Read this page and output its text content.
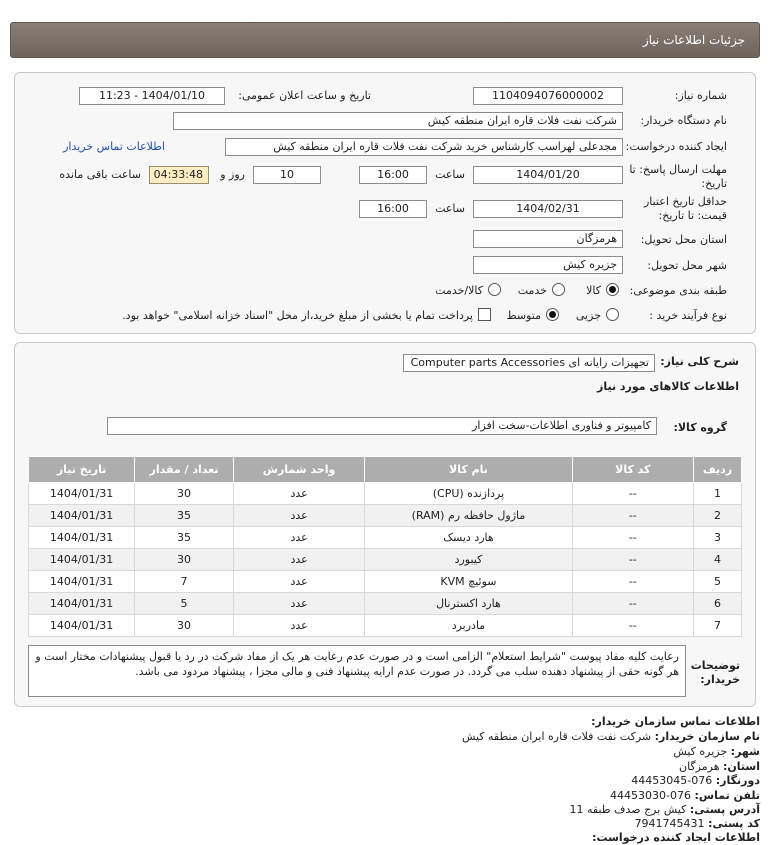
جزئیات اطلاعات نیاز
شماره نیاز:
1104094076000002
تاریخ و ساعت اعلان عمومی:
1404/01/10 - 11:23
نام دستگاه خریدار:
شرکت نفت فلات قاره ایران منطقه کیش
ایجاد کننده درخواست:
مجدعلی لهراسب کارشناس خرید شرکت نفت فلات قاره ایران منطقه کیش
اطلاعات تماس خریدار
مهلت ارسال پاسخ: تا
تاریخ:
1404/01/20
ساعت
16:00
10
روز و
04:33:48
ساعت باقی مانده
حداقل تاریخ اعتبار
قیمت: تا تاریخ:
1404/02/31
ساعت
16:00
استان محل تحویل:
هرمزگان
شهر محل تحویل:
جزیره کیش
طبقه بندی موضوعی:
کالا
خدمت
کالا/خدمت
نوع فرآیند خرید :
جزیی
متوسط
پرداخت تمام یا بخشی از مبلغ خرید،از محل "اسناد خزانه اسلامی" خواهد بود.
شرح کلی نیاز:
تجهیزات رایانه ای Computer parts Accessories
اطلاعات کالاهای مورد نیاز
گروه کالا:
کامپیوتر و فناوری اطلاعات-سخت افزار
ردیف	کد کالا	نام کالا	واحد شمارش	تعداد / مقدار	تاریخ نیاز
1	--	پردازنده (CPU)	عدد	30	1404/01/31
2	--	ماژول حافظه رم (RAM)	عدد	35	1404/01/31
3	--	هارد دیسک	عدد	35	1404/01/31
4	--	کیبورد	عدد	30	1404/01/31
5	--	سوئیچ KVM	عدد	7	1404/01/31
6	--	هارد اکسترنال	عدد	5	1404/01/31
7	--	مادربرد	عدد	30	1404/01/31
توضیحات
خریدار:
رعایت کلیه مفاد پیوست "شرایط استعلام" الزامی است و در صورت عدم رعایت هر یک از مفاد شرکت در رد یا قبول پیشنهادات مختار است و هر گونه حقی از پیشنهاد دهنده سلب می گردد. در صورت عدم ارایه پیشنهاد فنی و مالی مجزا ، پیشنهاد مردود می باشد.
اطلاعات تماس سازمان خریدار:
نام سازمان خریدار: شرکت نفت فلات قاره ایران منطقه کیش
شهر: جزیره کیش
استان: هرمزگان
دورنگار: 076-44453045
تلفن تماس: 076-44453030
آدرس پستی: کیش برج صدف طبقه 11
کد پستی: 7941745431
اطلاعات ایجاد کننده درخواست:
